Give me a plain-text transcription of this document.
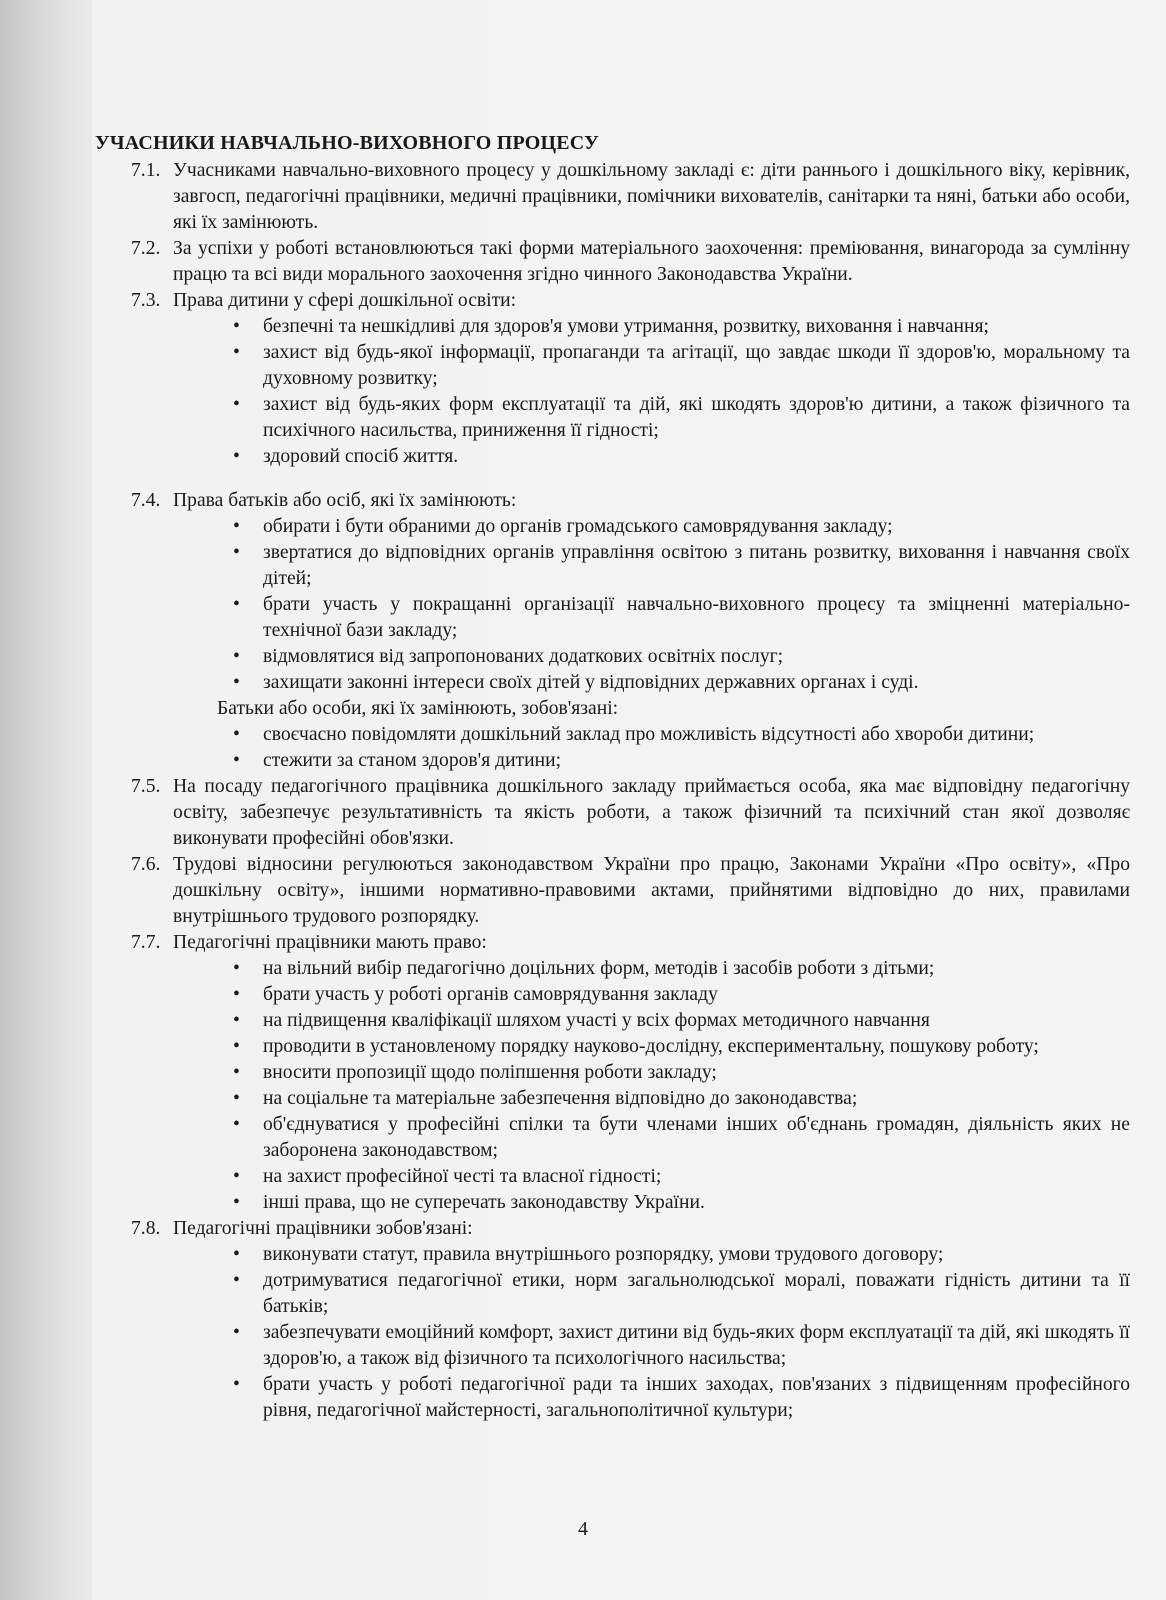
УЧАСНИКИ НАВЧАЛЬНО-ВИХОВНОГО ПРОЦЕСУ
7.1. Учасниками навчально-виховного процесу у дошкільному закладі є: діти раннього і дошкільного віку, керівник, завгосп, педагогічні працівники, медичні працівники, помічники вихователів, санітарки та няні, батьки або особи, які їх замінюють.
7.2. За успіхи у роботі встановлюються такі форми матеріального заохочення: преміювання, винагорода за сумлінну працю та всі види морального заохочення згідно чинного Законодавства України.
7.3. Права дитини у сфері дошкільної освіти:
• безпечні та нешкідливі для здоров'я умови утримання, розвитку, виховання і навчання;
• захист від будь-якої інформації, пропаганди та агітації, що завдає шкоди її здоров'ю, моральному та духовному розвитку;
• захист від будь-яких форм експлуатації та дій, які шкодять здоров'ю дитини, а також фізичного та психічного насильства, приниження її гідності;
• здоровий спосіб життя.
7.4. Права батьків або осіб, які їх замінюють:
• обирати і бути обраними до органів громадського самоврядування закладу;
• звертатися до відповідних органів управління освітою з питань розвитку, виховання і навчання своїх дітей;
• брати участь у покращанні організації навчально-виховного процесу та зміцненні матеріально-технічної бази закладу;
• відмовлятися від запропонованих додаткових освітніх послуг;
• захищати законні інтереси своїх дітей у відповідних державних органах і суді.
Батьки або особи, які їх замінюють, зобов'язані:
• своєчасно повідомляти дошкільний заклад про можливість відсутності або хвороби дитини;
• стежити за станом здоров'я дитини;
7.5. На посаду педагогічного працівника дошкільного закладу приймається особа, яка має відповідну педагогічну освіту, забезпечує результативність та якість роботи, а також фізичний та психічний стан якої дозволяє виконувати професійні обов'язки.
7.6. Трудові відносини регулюються законодавством України про працю, Законами України «Про освіту», «Про дошкільну освіту», іншими нормативно-правовими актами, прийнятими відповідно до них, правилами внутрішнього трудового розпорядку.
7.7. Педагогічні працівники мають право:
• на вільний вибір педагогічно доцільних форм, методів і засобів роботи з дітьми;
• брати участь у роботі органів самоврядування закладу
• на підвищення кваліфікації шляхом участі у всіх формах методичного навчання
• проводити в установленому порядку науково-дослідну, експериментальну, пошукову роботу;
• вносити пропозиції щодо поліпшення роботи закладу;
• на соціальне та матеріальне забезпечення відповідно до законодавства;
• об'єднуватися у професійні спілки та бути членами інших об'єднань громадян, діяльність яких не заборонена законодавством;
• на захист професійної честі та власної гідності;
• інші права, що не суперечать законодавству України.
7.8. Педагогічні працівники зобов'язані:
• виконувати статут, правила внутрішнього розпорядку, умови трудового договору;
• дотримуватися педагогічної етики, норм загальнолюдської моралі, поважати гідність дитини та її батьків;
• забезпечувати емоційний комфорт, захист дитини від будь-яких форм експлуатації та дій, які шкодять її здоров'ю, а також від фізичного та психологічного насильства;
• брати участь у роботі педагогічної ради та інших заходах, пов'язаних з підвищенням професійного рівня, педагогічної майстерності, загальнополітичної культури;
4
